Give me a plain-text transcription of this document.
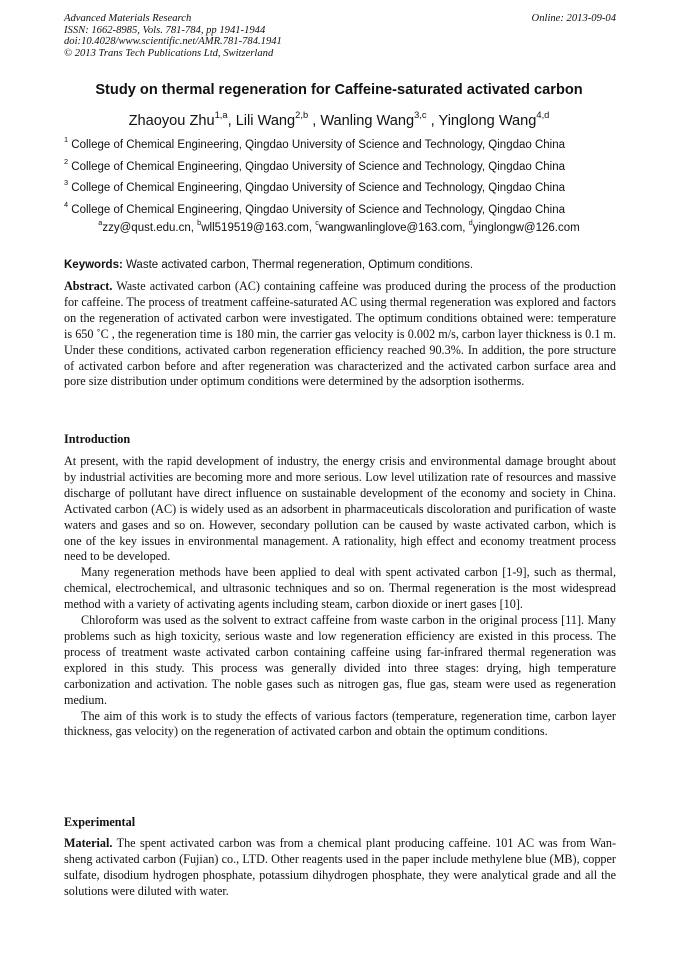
Advanced Materials Research
ISSN: 1662-8985, Vols. 781-784, pp 1941-1944
doi:10.4028/www.scientific.net/AMR.781-784.1941
© 2013 Trans Tech Publications Ltd, Switzerland
Online: 2013-09-04
Study on thermal regeneration for Caffeine-saturated activated carbon
Zhaoyou Zhu$^{1,a}$, Lili Wang$^{2,b}$ , Wanling Wang$^{3,c}$ , Yinglong Wang$^{4,d}$
$^1$ College of Chemical Engineering, Qingdao University of Science and Technology, Qingdao China
$^2$ College of Chemical Engineering, Qingdao University of Science and Technology, Qingdao China
$^3$ College of Chemical Engineering, Qingdao University of Science and Technology, Qingdao China
$^4$ College of Chemical Engineering, Qingdao University of Science and Technology, Qingdao China
$^a$zzy@qust.edu.cn, $^b$wll519519@163.com, $^c$wangwanlinglove@163.com, $^d$yinglongw@126.com
Keywords: Waste activated carbon, Thermal regeneration, Optimum conditions.
Abstract. Waste activated carbon (AC) containing caffeine was produced during the process of the production for caffeine. The process of treatment caffeine-saturated AC using thermal regeneration was explored and factors on the regeneration of activated carbon were investigated. The optimum conditions obtained were: temperature is 650 ˚C , the regeneration time is 180 min, the carrier gas velocity is 0.002 m/s, carbon layer thickness is 0.1 m. Under these conditions, activated carbon regeneration efficiency reached 90.3%. In addition, the pore structure of activated carbon before and after regeneration was characterized and the activated carbon surface area and pore size distribution under optimum conditions were determined by the adsorption isotherms.
Introduction

At present, with the rapid development of industry, the energy crisis and environmental damage brought about by industrial activities are becoming more and more serious. Low level utilization rate of resources and massive discharge of pollutant have direct influence on sustainable development of the economy and society in China. Activated carbon (AC) is widely used as an adsorbent in pharmaceuticals discoloration and purification of waste waters and gases and so on. However, secondary pollution can be caused by waste activated carbon, which is one of the key issues in environmental management. A rationality, high effect and economy treatment process need to be developed.

Many regeneration methods have been applied to deal with spent activated carbon [1-9], such as thermal, chemical, electrochemical, and ultrasonic techniques and so on. Thermal regeneration is the most widespread method with a variety of activating agents including steam, carbon dioxide or inert gases [10].

Chloroform was used as the solvent to extract caffeine from waste carbon in the original process [11]. Many problems such as high toxicity, serious waste and low regeneration efficiency are existed in this process. The process of treatment waste activated carbon containing caffeine using far-infrared thermal regeneration was explored in this study. This process was generally divided into three stages: drying, high temperature carbonization and activation. The noble gases such as nitrogen gas, flue gas, steam were used as regeneration medium.

The aim of this work is to study the effects of various factors (temperature, regeneration time, carbon layer thickness, gas velocity) on the regeneration of activated carbon and obtain the optimum conditions.

Experimental
Material. The spent activated carbon was from a chemical plant producing caffeine. 101 AC was from Wan-sheng activated carbon (Fujian) co., LTD. Other reagents used in the paper include methylene blue (MB), copper sulfate, disodium hydrogen phosphate, potassium dihydrogen phosphate, they were analytical grade and all the solutions were diluted with water.
